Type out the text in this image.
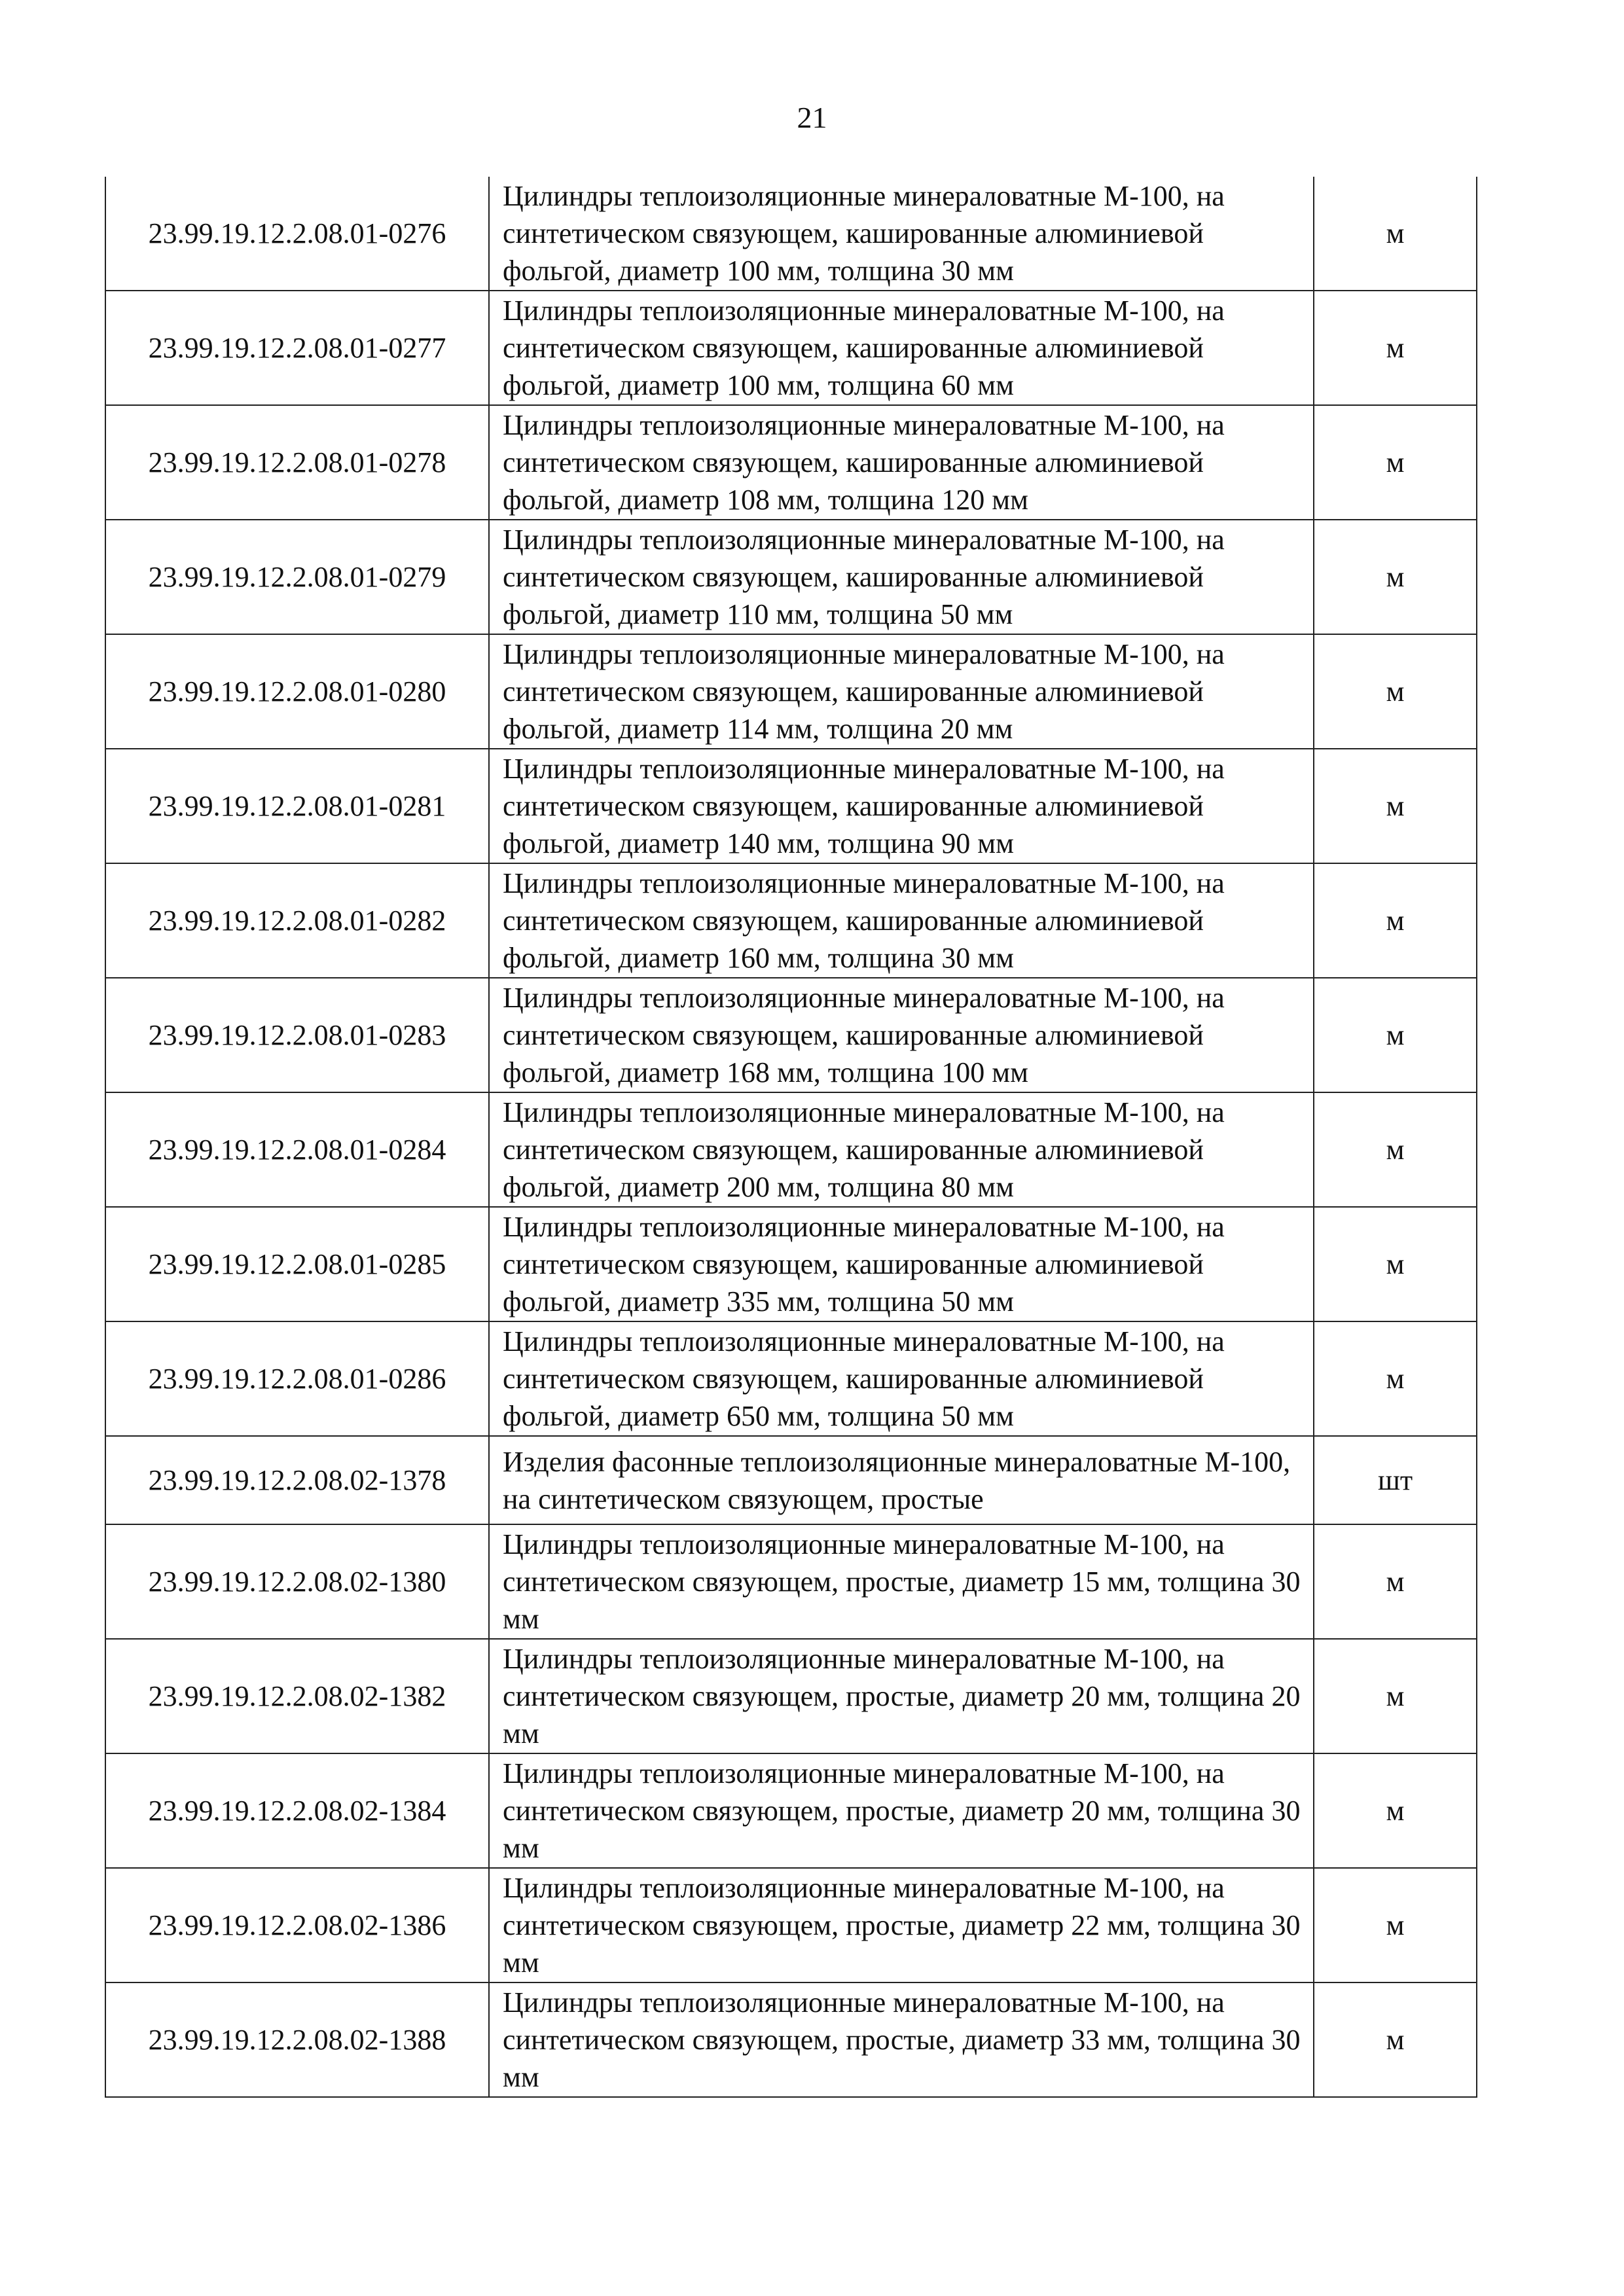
21
23.99.19.12.2.08.01-0276	Цилиндры теплоизоляционные минераловатные М-100, на синтетическом связующем, кашированные алюминиевой фольгой, диаметр 100 мм, толщина 30 мм	м
23.99.19.12.2.08.01-0277	Цилиндры теплоизоляционные минераловатные М-100, на синтетическом связующем, кашированные алюминиевой фольгой, диаметр 100 мм, толщина 60 мм	м
23.99.19.12.2.08.01-0278	Цилиндры теплоизоляционные минераловатные М-100, на синтетическом связующем, кашированные алюминиевой фольгой, диаметр 108 мм, толщина 120 мм	м
23.99.19.12.2.08.01-0279	Цилиндры теплоизоляционные минераловатные М-100, на синтетическом связующем, кашированные алюминиевой фольгой, диаметр 110 мм, толщина 50 мм	м
23.99.19.12.2.08.01-0280	Цилиндры теплоизоляционные минераловатные М-100, на синтетическом связующем, кашированные алюминиевой фольгой, диаметр 114 мм, толщина 20 мм	м
23.99.19.12.2.08.01-0281	Цилиндры теплоизоляционные минераловатные М-100, на синтетическом связующем, кашированные алюминиевой фольгой, диаметр 140 мм, толщина 90 мм	м
23.99.19.12.2.08.01-0282	Цилиндры теплоизоляционные минераловатные М-100, на синтетическом связующем, кашированные алюминиевой фольгой, диаметр 160 мм, толщина 30 мм	м
23.99.19.12.2.08.01-0283	Цилиндры теплоизоляционные минераловатные М-100, на синтетическом связующем, кашированные алюминиевой фольгой, диаметр 168 мм, толщина 100 мм	м
23.99.19.12.2.08.01-0284	Цилиндры теплоизоляционные минераловатные М-100, на синтетическом связующем, кашированные алюминиевой фольгой, диаметр 200 мм, толщина 80 мм	м
23.99.19.12.2.08.01-0285	Цилиндры теплоизоляционные минераловатные М-100, на синтетическом связующем, кашированные алюминиевой фольгой, диаметр 335 мм, толщина 50 мм	м
23.99.19.12.2.08.01-0286	Цилиндры теплоизоляционные минераловатные М-100, на синтетическом связующем, кашированные алюминиевой фольгой, диаметр 650 мм, толщина 50 мм	м
23.99.19.12.2.08.02-1378	Изделия фасонные теплоизоляционные минераловатные М-100, на синтетическом связующем, простые	шт
23.99.19.12.2.08.02-1380	Цилиндры теплоизоляционные минераловатные М-100, на синтетическом связующем, простые, диаметр 15 мм, толщина 30 мм	м
23.99.19.12.2.08.02-1382	Цилиндры теплоизоляционные минераловатные М-100, на синтетическом связующем, простые, диаметр 20 мм, толщина 20 мм	м
23.99.19.12.2.08.02-1384	Цилиндры теплоизоляционные минераловатные М-100, на синтетическом связующем, простые, диаметр 20 мм, толщина 30 мм	м
23.99.19.12.2.08.02-1386	Цилиндры теплоизоляционные минераловатные М-100, на синтетическом связующем, простые, диаметр 22 мм, толщина 30 мм	м
23.99.19.12.2.08.02-1388	Цилиндры теплоизоляционные минераловатные М-100, на синтетическом связующем, простые, диаметр 33 мм, толщина 30 мм	м
